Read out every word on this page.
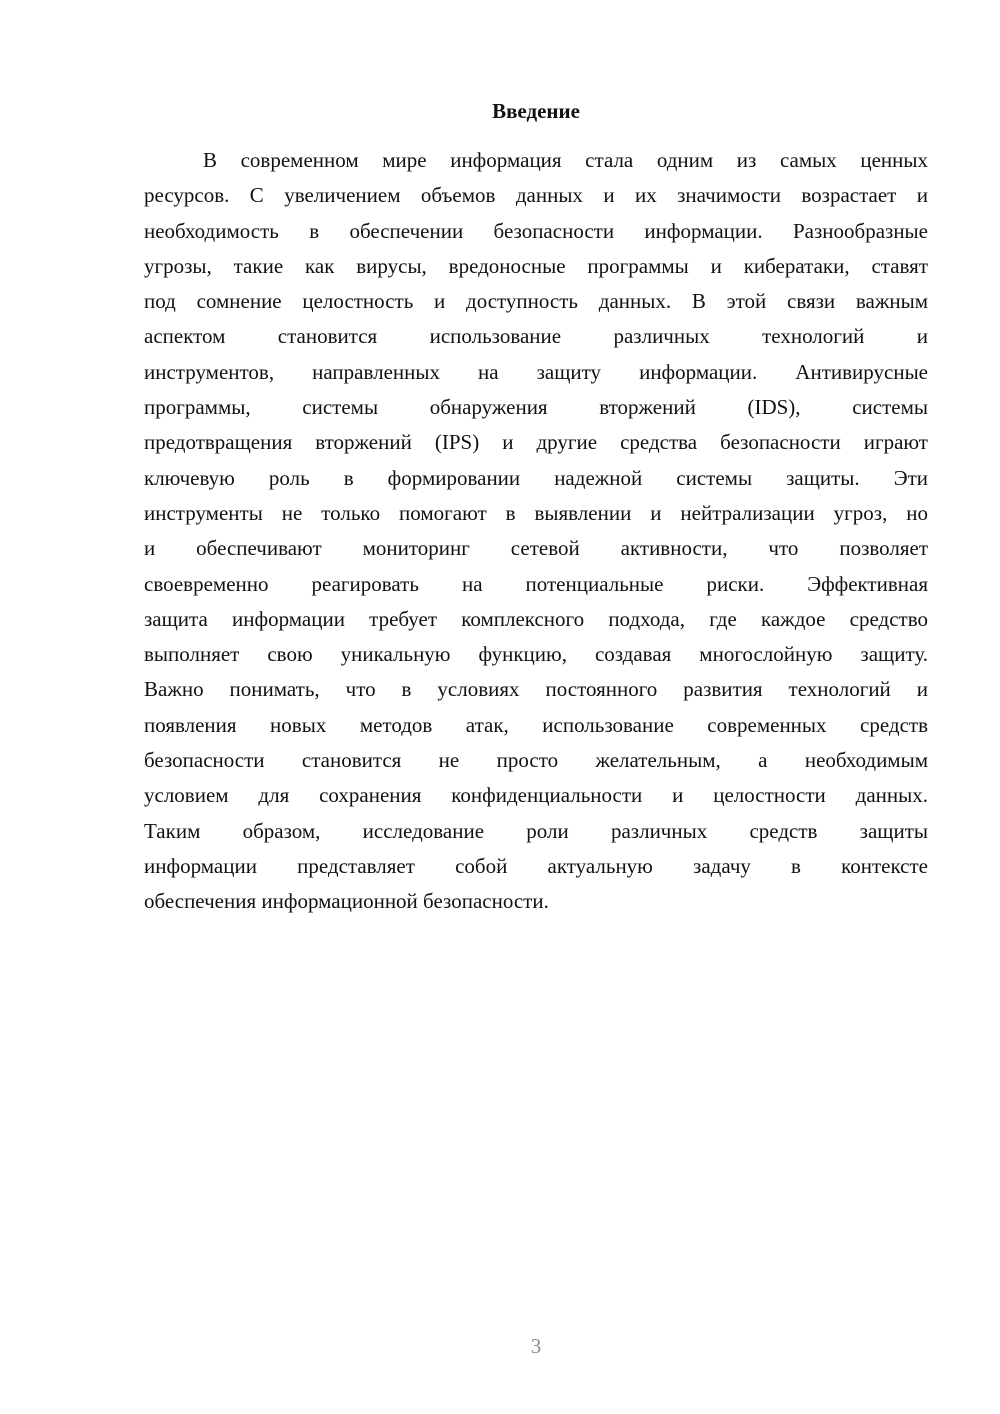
Введение
В современном мире информация стала одним из самых ценных
ресурсов. С увеличением объемов данных и их значимости возрастает и
необходимость в обеспечении безопасности информации. Разнообразные
угрозы, такие как вирусы, вредоносные программы и кибератаки, ставят
под сомнение целостность и доступность данных. В этой связи важным
аспектом становится использование различных технологий и
инструментов, направленных на защиту информации. Антивирусные
программы, системы обнаружения вторжений (IDS), системы
предотвращения вторжений (IPS) и другие средства безопасности играют
ключевую роль в формировании надежной системы защиты. Эти
инструменты не только помогают в выявлении и нейтрализации угроз, но
и обеспечивают мониторинг сетевой активности, что позволяет
своевременно реагировать на потенциальные риски. Эффективная
защита информации требует комплексного подхода, где каждое средство
выполняет свою уникальную функцию, создавая многослойную защиту.
Важно понимать, что в условиях постоянного развития технологий и
появления новых методов атак, использование современных средств
безопасности становится не просто желательным, а необходимым
условием для сохранения конфиденциальности и целостности данных.
Таким образом, исследование роли различных средств защиты
информации представляет собой актуальную задачу в контексте
обеспечения информационной безопасности.
3
